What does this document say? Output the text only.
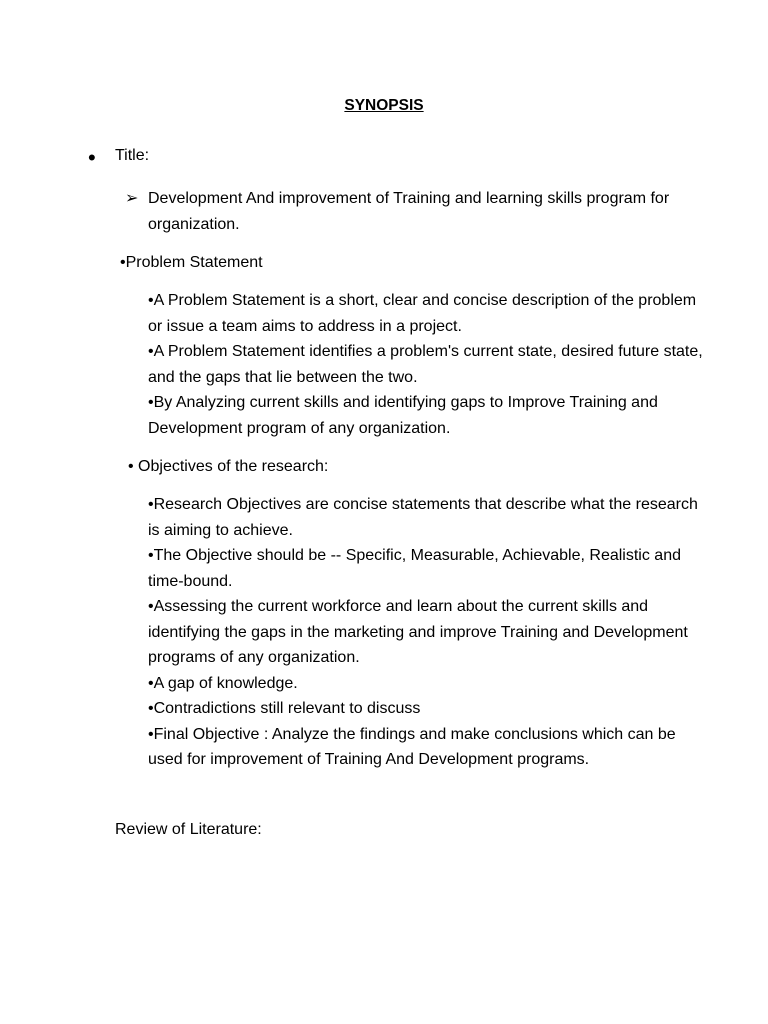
SYNOPSIS
• Title:
➢ Development And improvement of Training and learning skills program for organization.
•Problem Statement

•A Problem Statement is a short, clear and concise description of the problem or issue a team aims to address in a project.

•A Problem Statement identifies a problem's current state, desired future state, and the gaps that lie between the two.

•By Analyzing current skills and identifying gaps to Improve Training and Development program of any organization.

• Objectives of the research:

•Research Objectives are concise statements that describe what the research is aiming to achieve.

•The Objective should be -- Specific, Measurable, Achievable, Realistic and time-bound.

•Assessing the current workforce and learn about the current skills and identifying the gaps in the marketing and improve Training and Development programs of any organization.

•A gap of knowledge.

•Contradictions still relevant to discuss

•Final Objective : Analyze the findings and make conclusions which can be used for improvement of Training And Development programs.

Review of Literature:
